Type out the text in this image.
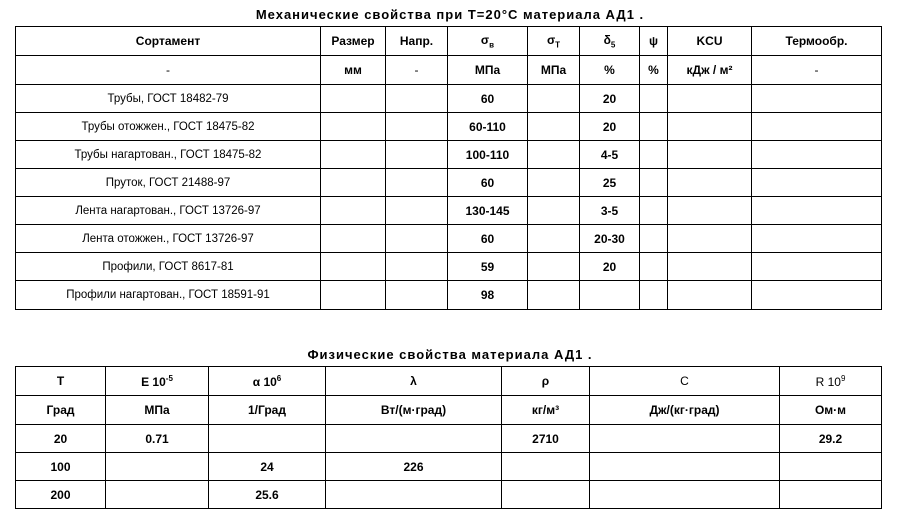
Механические свойства при Т=20°C материала АД1 .
Сортамент	Размер	Напр.	$\sigma_в$	$\sigma_T$	$\delta_5$	ψ	KCU	Термообр.
-	мм	-	МПа	МПа	%	%	кДж / м²	-
Трубы, ГОСТ 18482-79			60		20			
Трубы отожжен., ГОСТ 18475-82			60-110		20			
Трубы нагартован., ГОСТ 18475-82			100-110		4-5			
Пруток, ГОСТ 21488-97			60		25			
Лента нагартован., ГОСТ 13726-97			130-145		3-5			
Лента отожжен., ГОСТ 13726-97			60		20-30			
Профили, ГОСТ 8617-81			59		20			
Профили нагартован., ГОСТ 18591-91			98					
Физические свойства материала АД1 .
T	E $10^{-5}$	α $10^6$	λ	ρ	C	R $10^9$
Град	МПа	1/Град	Вт/(м·град)	кг/м³	Дж/(кг·град)	Ом·м
20	0.71			2710		29.2
100		24	226			
200		25.6				
